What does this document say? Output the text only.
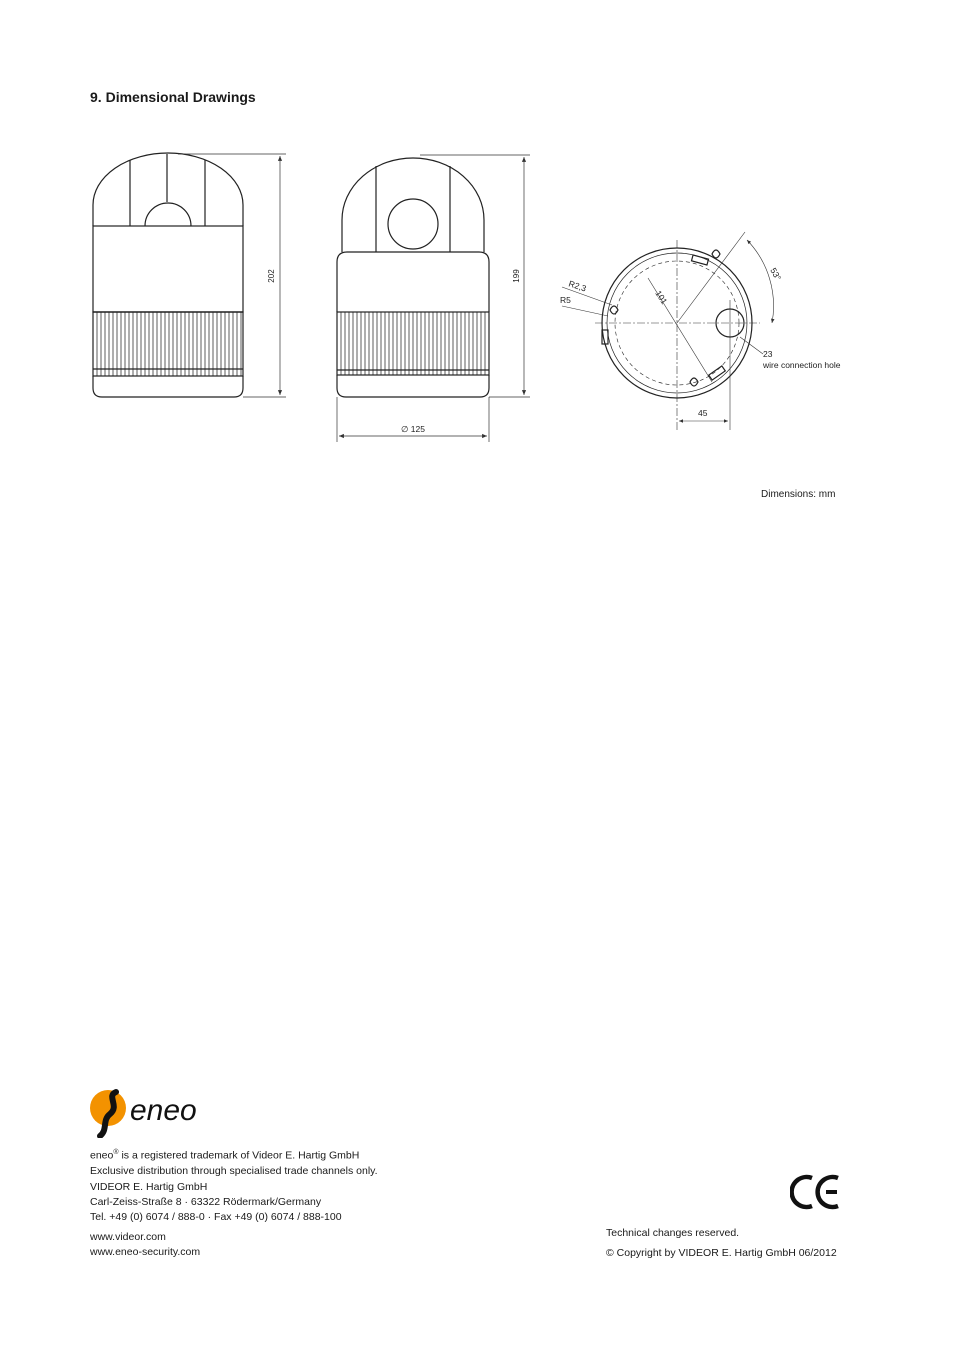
9. Dimensional Drawings
202	199
∅ 125
R2,3
R5	101
53°
23
wire connection hole
45
Dimensions: mm
eneo
eneo® is a registered trademark of Videor E. Hartig GmbH
Exclusive distribution through specialised trade channels only.
VIDEOR E. Hartig GmbH
Carl-Zeiss-Straße 8 · 63322 Rödermark/Germany
Tel. +49 (0) 6074 / 888-0 · Fax +49 (0) 6074 / 888-100
www.videor.com
www.eneo-security.com
Technical changes reserved.
© Copyright by VIDEOR E. Hartig GmbH 06/2012
